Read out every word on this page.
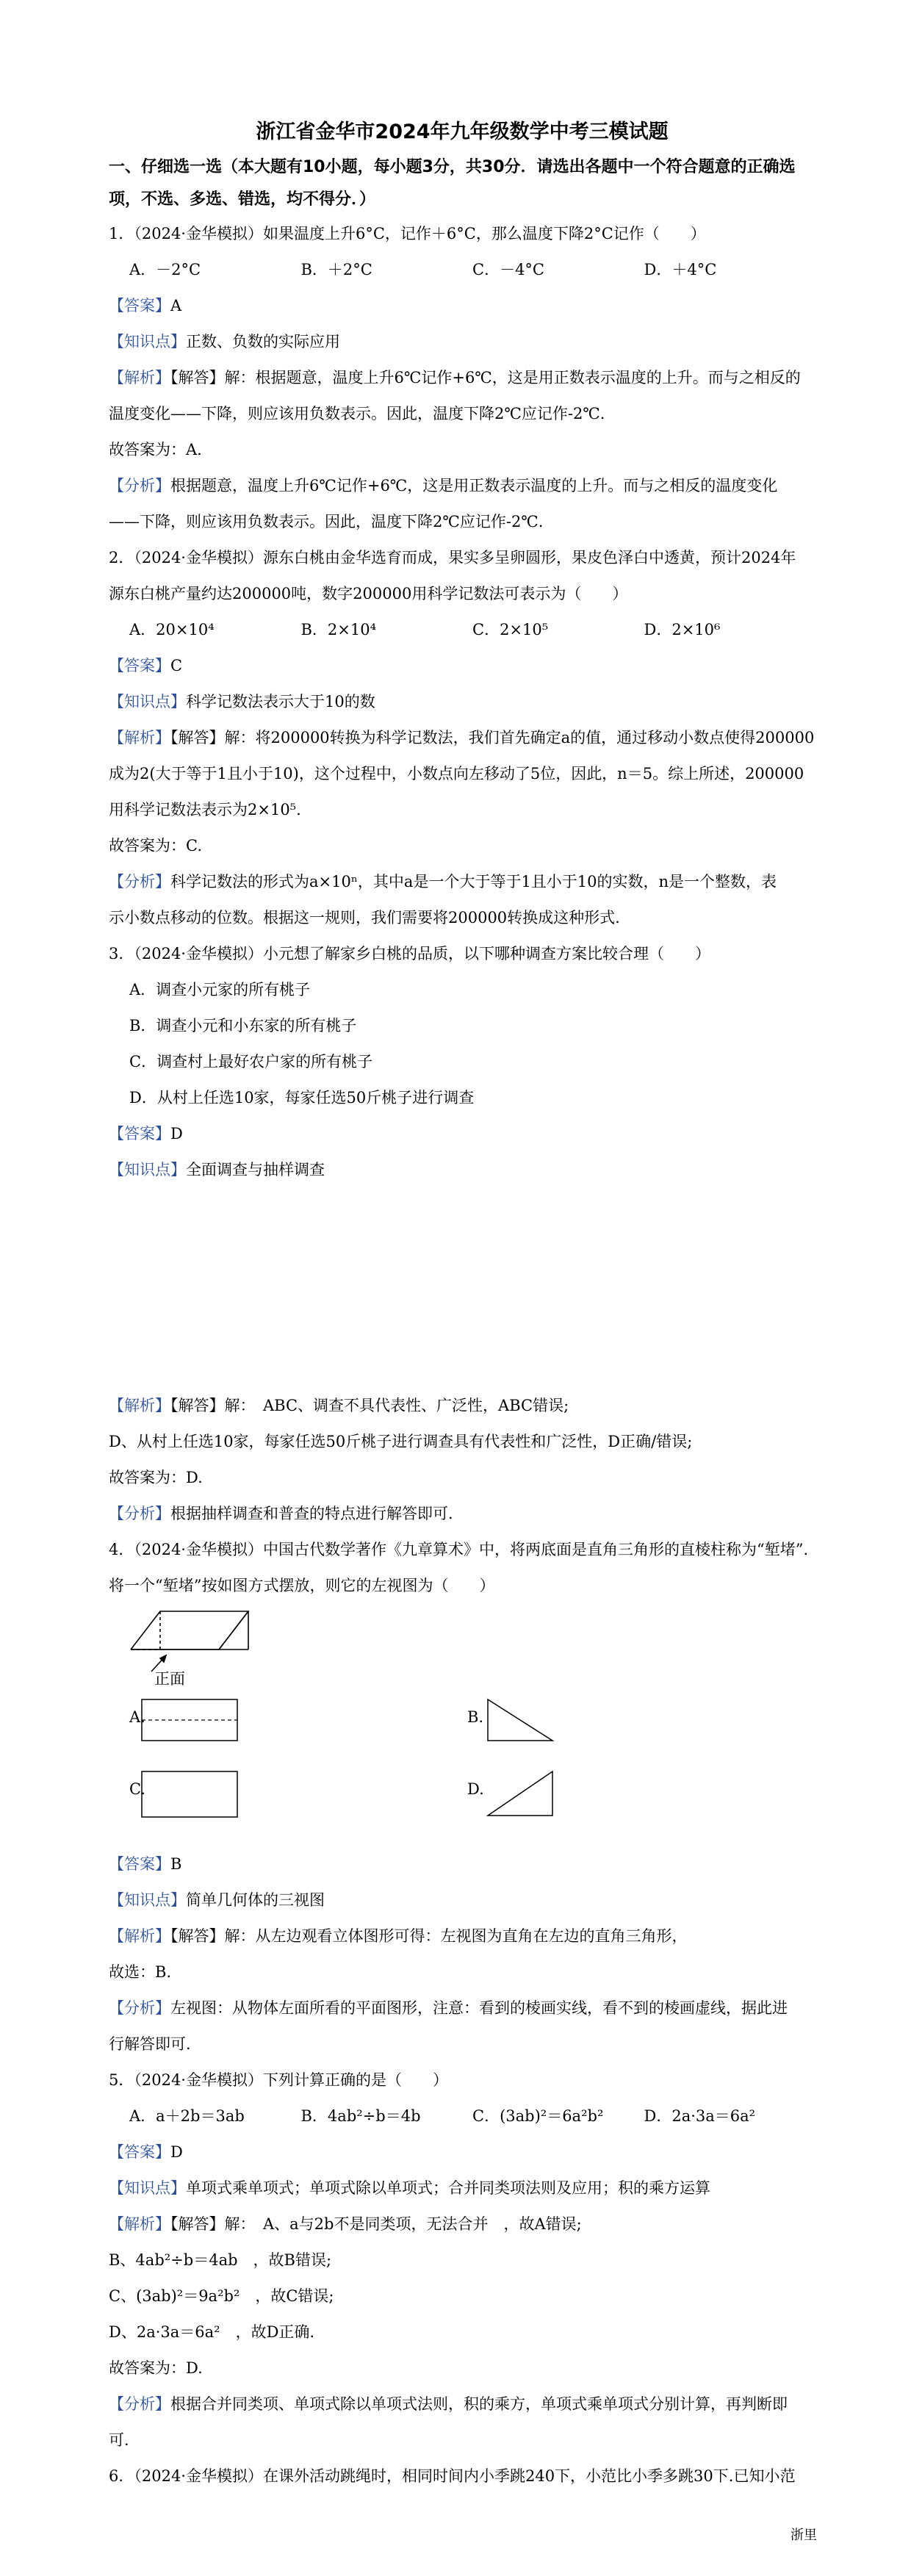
浙江省金华市2024年九年级数学中考三模试题
一、仔细选一选（本大题有10小题，每小题3分，共30分．请选出各题中一个符合题意的正确选项，不选、多选、错选，均不得分．）

1．（2024·金华模拟）如果温度上升6°C，记作＋6°C，那么温度下降2°C记作（　　）

A．－2°C	B．＋2°C	C．－4°C	D．＋4°C

【答案】A

【知识点】正数、负数的实际应用

【解析】【解答】解：根据题意，温度上升6℃记作+6℃，这是用正数表示温度的上升。而与之相反的

温度变化——下降，则应该用负数表示。因此，温度下降2℃应记作-2℃.

故答案为：A.

【分析】根据题意，温度上升6℃记作+6℃，这是用正数表示温度的上升。而与之相反的温度变化

——下降，则应该用负数表示。因此，温度下降2℃应记作-2℃.

2．（2024·金华模拟）源东白桃由金华选育而成，果实多呈卵圆形，果皮色泽白中透黄，预计2024年

源东白桃产量约达200000吨，数字200000用科学记数法可表示为（　　）

A．20×10⁴	B．2×10⁴	C．2×10⁵	D．2×10⁶

【答案】C

【知识点】科学记数法表示大于10的数

【解析】【解答】解：将200000转换为科学记数法，我们首先确定a的值，通过移动小数点使得200000

成为2(大于等于1且小于10)，这个过程中，小数点向左移动了5位，因此，n＝5。综上所述，200000

用科学记数法表示为2×10⁵.

故答案为：C.

【分析】科学记数法的形式为a×10ⁿ，其中a是一个大于等于1且小于10的实数，n是一个整数，表

示小数点移动的位数。根据这一规则，我们需要将200000转换成这种形式.

3．（2024·金华模拟）小元想了解家乡白桃的品质，以下哪种调查方案比较合理（　　）

A．调查小元家的所有桃子

B．调查小元和小东家的所有桃子

C．调查村上最好农户家的所有桃子

D．从村上任选10家，每家任选50斤桃子进行调查

【答案】D

【知识点】全面调查与抽样调查

【解析】【解答】解：　ABC、调查不具代表性、广泛性，ABC错误;

D、从村上任选10家，每家任选50斤桃子进行调查具有代表性和广泛性，D正确/错误;

故答案为：D.

【分析】根据抽样调查和普查的特点进行解答即可.

4．（2024·金华模拟）中国古代数学著作《九章算术》中，将两底面是直角三角形的直棱柱称为“堑堵”.

将一个“堑堵”按如图方式摆放，则它的左视图为（　　）

正面
A.	B.
C.	D.

【答案】B

【知识点】简单几何体的三视图

【解析】【解答】解：从左边观看立体图形可得：左视图为直角在左边的直角三角形，

故选：B.

【分析】左视图：从物体左面所看的平面图形，注意：看到的棱画实线，看不到的棱画虚线，据此进

行解答即可.

5．（2024·金华模拟）下列计算正确的是（　　）

A．a＋2b＝3ab	B．4ab²÷b＝4b	C．(3ab)²＝6a²b²	D．2a·3a＝6a²

【答案】D

【知识点】单项式乘单项式；单项式除以单项式；合并同类项法则及应用；积的乘方运算

【解析】【解答】解：　A、a与2b不是同类项，无法合并　，故A错误;

B、4ab²÷b＝4ab　，故B错误;

C、(3ab)²＝9a²b²　，故C错误;

D、2a·3a＝6a²　，故D正确.

故答案为：D.

【分析】根据合并同类项、单项式除以单项式法则，积的乘方，单项式乘单项式分别计算，再判断即

可.

6．（2024·金华模拟）在课外活动跳绳时，相同时间内小季跳240下，小范比小季多跳30下.已知小范

浙里
